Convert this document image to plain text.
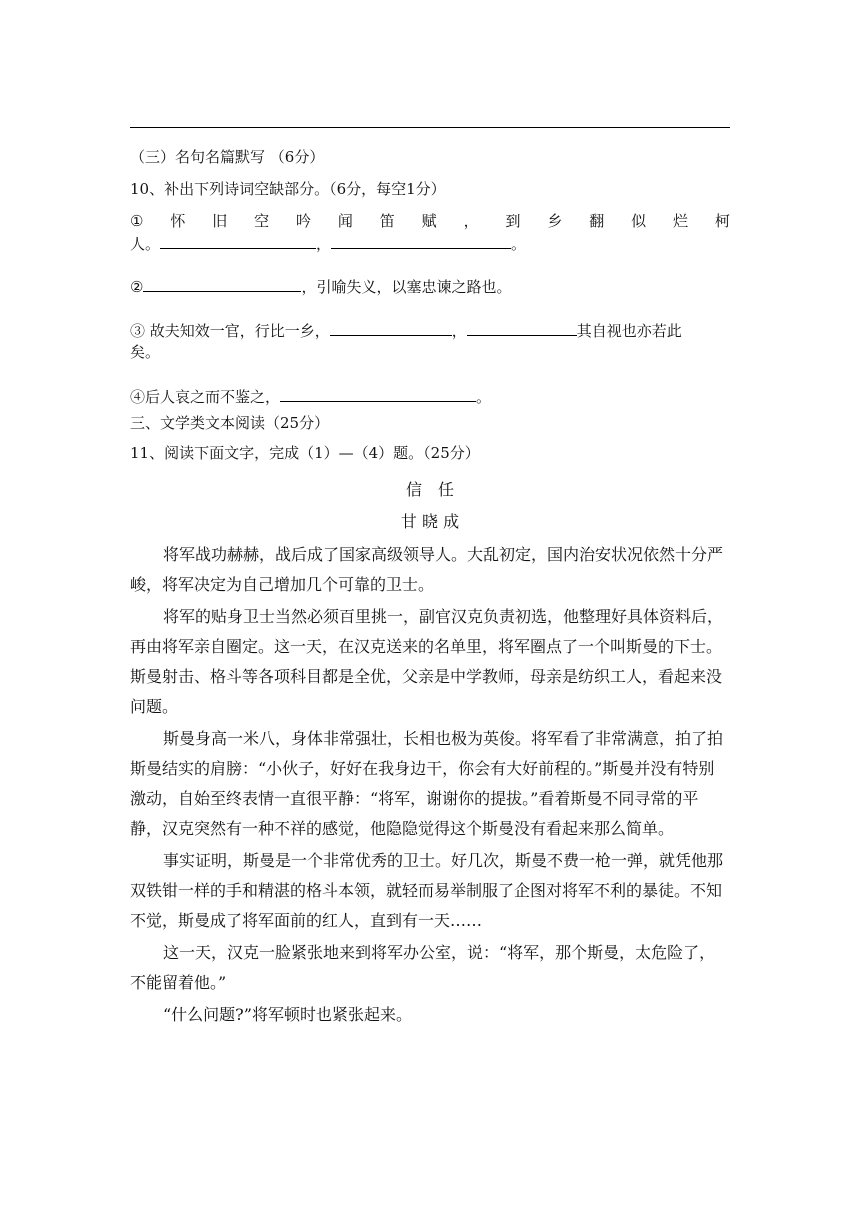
（三）名句名篇默写 （6分）
10、补出下列诗词空缺部分。（6分，每空1分）
① 怀 旧 空 吟 闻 笛 赋 ， 到 乡 翻 似 烂 柯
人。	，	。
②	，引喻失义，以塞忠谏之路也。
③ 故夫知效一官，行比一乡，	，	其自视也亦若此
矣。
④后人哀之而不鉴之，	。
三、文学类文本阅读（25分）
11、阅读下面文字，完成（1）—（4）题。（25分）
信　任
甘 晓 成

将军战功赫赫，战后成了国家高级领导人。大乱初定，国内治安状况依然十分严峻，将军决定为自己增加几个可靠的卫士。

将军的贴身卫士当然必须百里挑一，副官汉克负责初选，他整理好具体资料后，再由将军亲自圈定。这一天，在汉克送来的名单里，将军圈点了一个叫斯曼的下士。斯曼射击、格斗等各项科目都是全优，父亲是中学教师，母亲是纺织工人，看起来没问题。

斯曼身高一米八，身体非常强壮，长相也极为英俊。将军看了非常满意，拍了拍斯曼结实的肩膀：“小伙子，好好在我身边干，你会有大好前程的。”斯曼并没有特别激动，自始至终表情一直很平静：“将军，谢谢你的提拔。”看着斯曼不同寻常的平静，汉克突然有一种不祥的感觉，他隐隐觉得这个斯曼没有看起来那么简单。

事实证明，斯曼是一个非常优秀的卫士。好几次，斯曼不费一枪一弹，就凭他那双铁钳一样的手和精湛的格斗本领，就轻而易举制服了企图对将军不利的暴徒。不知不觉，斯曼成了将军面前的红人，直到有一天……

这一天，汉克一脸紧张地来到将军办公室，说：“将军，那个斯曼，太危险了，不能留着他。”

“什么问题?”将军顿时也紧张起来。
